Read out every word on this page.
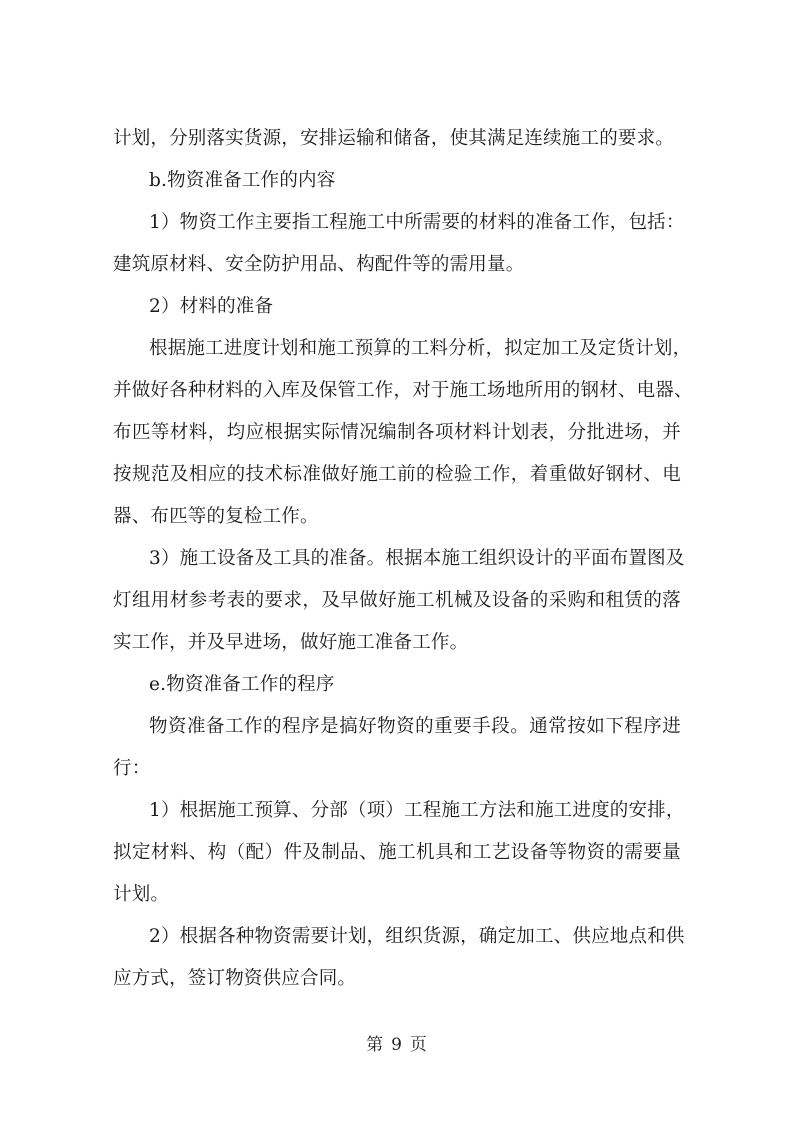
计划，分别落实货源，安排运输和储备，使其满足连续施工的要求。
b.物资准备工作的内容
1）物资工作主要指工程施工中所需要的材料的准备工作，包括：
建筑原材料、安全防护用品、构配件等的需用量。
2）材料的准备
根据施工进度计划和施工预算的工料分析，拟定加工及定货计划，
并做好各种材料的入库及保管工作，对于施工场地所用的钢材、电器、
布匹等材料，均应根据实际情况编制各项材料计划表，分批进场，并
按规范及相应的技术标准做好施工前的检验工作，着重做好钢材、电
器、布匹等的复检工作。
3）施工设备及工具的准备。根据本施工组织设计的平面布置图及
灯组用材参考表的要求，及早做好施工机械及设备的采购和租赁的落
实工作，并及早进场，做好施工准备工作。
e.物资准备工作的程序
物资准备工作的程序是搞好物资的重要手段。通常按如下程序进
行：
1）根据施工预算、分部（项）工程施工方法和施工进度的安排，
拟定材料、构（配）件及制品、施工机具和工艺设备等物资的需要量
计划。
2）根据各种物资需要计划，组织货源，确定加工、供应地点和供
应方式，签订物资供应合同。
第 9 页
